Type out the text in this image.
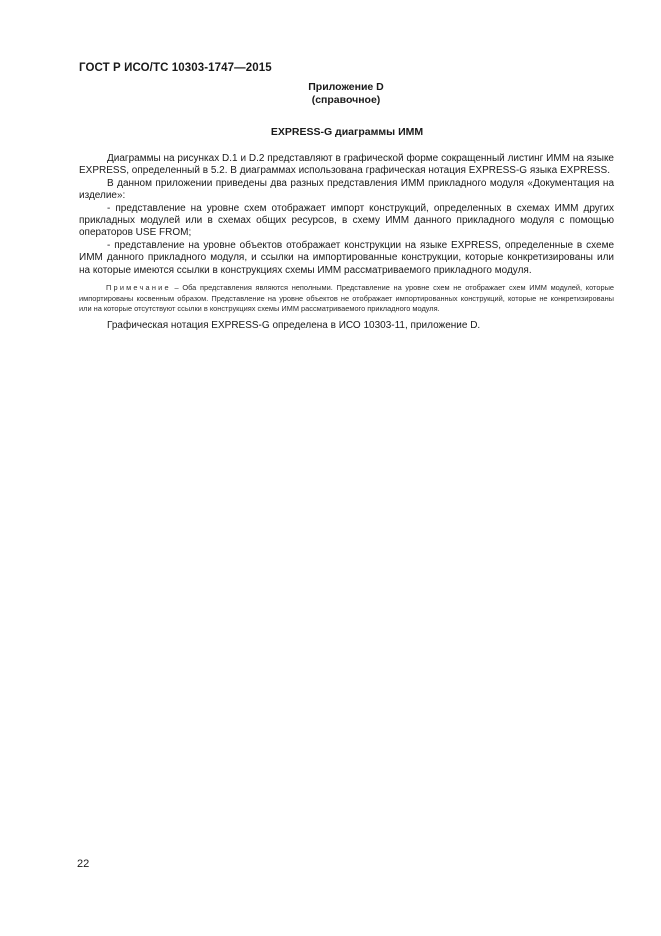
ГОСТ Р ИСО/ТС 10303-1747—2015
Приложение D
(справочное)
EXPRESS-G диаграммы ИММ

Диаграммы на рисунках D.1 и D.2 представляют в графической форме сокращенный листинг ИММ на языке EXPRESS, определенный в 5.2. В диаграммах использована графическая нотация EXPRESS-G языка EXPRESS.

В данном приложении приведены два разных представления ИММ прикладного модуля «Документация на изделие»:

- представление на уровне схем отображает импорт конструкций, определенных в схемах ИММ других прикладных модулей или в схемах общих ресурсов, в схему ИММ данного прикладного модуля с помощью операторов USE FROM;

- представление на уровне объектов отображает конструкции на языке EXPRESS, определенные в схеме ИММ данного прикладного модуля, и ссылки на импортированные конструкции, которые конкретизированы или на которые имеются ссылки в конструкциях схемы ИММ рассматриваемого прикладного модуля.

Примечание – Оба представления являются неполными. Представление на уровне схем не отображает схем ИММ модулей, которые импортированы косвенным образом. Представление на уровне объектов не отображает импортированных конструкций, которые не конкретизированы или на которые отсутствуют ссылки в конструкциях схемы ИММ рассматриваемого прикладного модуля.

Графическая нотация EXPRESS-G определена в ИСО 10303-11, приложение D.

22
